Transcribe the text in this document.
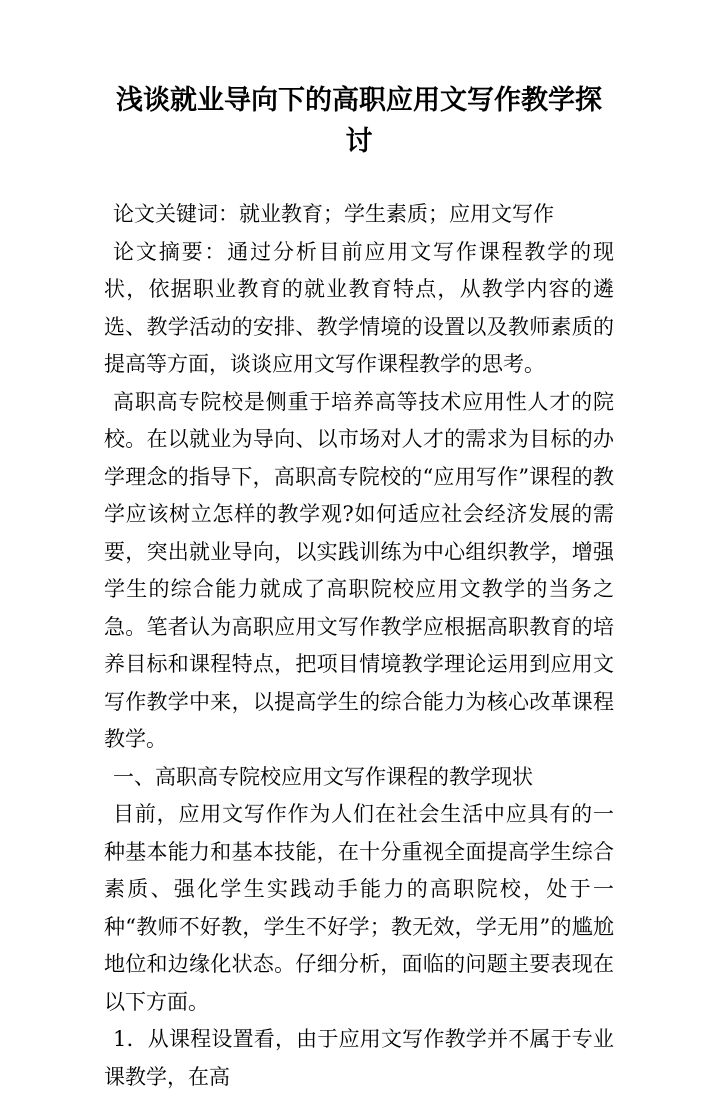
浅谈就业导向下的高职应用文写作教学探讨

论文关键词：就业教育；学生素质；应用文写作

论文摘要：通过分析目前应用文写作课程教学的现状，依据职业教育的就业教育特点，从教学内容的遴选、教学活动的安排、教学情境的设置以及教师素质的提高等方面，谈谈应用文写作课程教学的思考。

高职高专院校是侧重于培养高等技术应用性人才的院校。在以就业为导向、以市场对人才的需求为目标的办学理念的指导下，高职高专院校的“应用写作”课程的教学应该树立怎样的教学观?如何适应社会经济发展的需要，突出就业导向，以实践训练为中心组织教学，增强学生的综合能力就成了高职院校应用文教学的当务之急。笔者认为高职应用文写作教学应根据高职教育的培养目标和课程特点，把项目情境教学理论运用到应用文写作教学中来，以提高学生的综合能力为核心改革课程教学。

一、高职高专院校应用文写作课程的教学现状

目前，应用文写作作为人们在社会生活中应具有的一种基本能力和基本技能，在十分重视全面提高学生综合素质、强化学生实践动手能力的高职院校，处于一种“教师不好教，学生不好学；教无效，学无用”的尴尬地位和边缘化状态。仔细分析，面临的问题主要表现在以下方面。

1．从课程设置看，由于应用文写作教学并不属于专业课教学，在高
